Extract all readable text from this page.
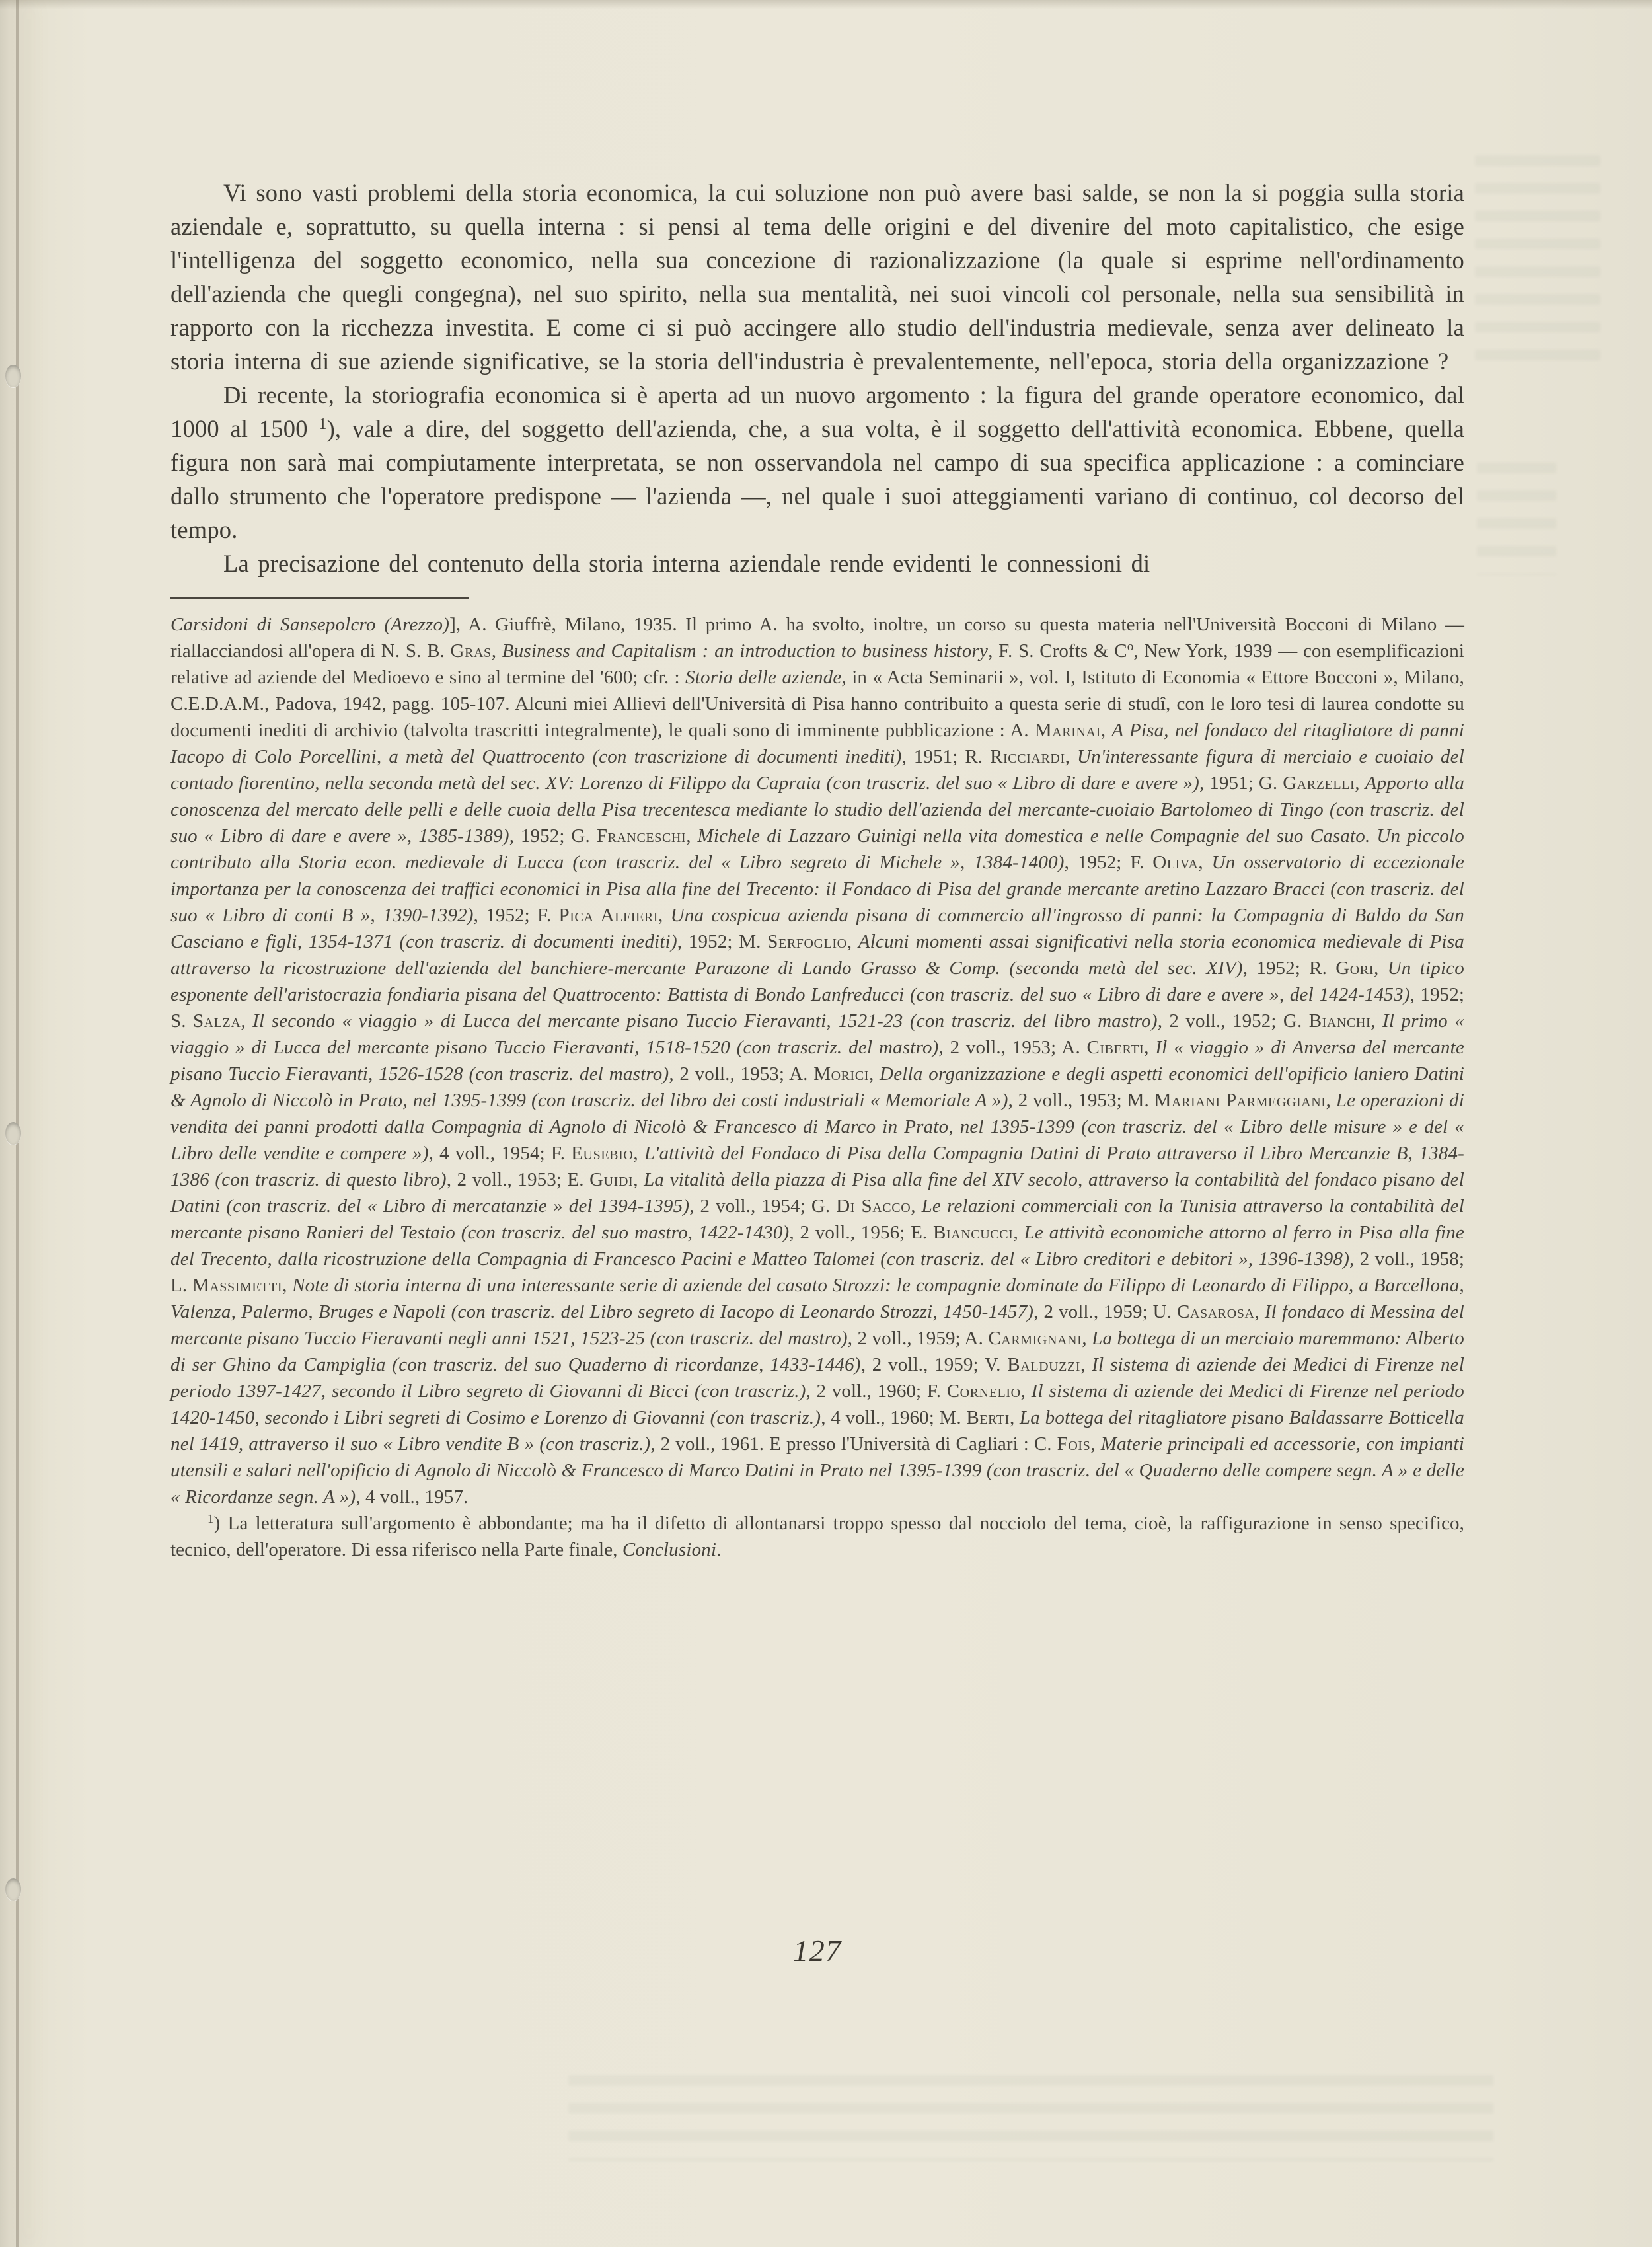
Vi sono vasti problemi della storia economica, la cui soluzione non può avere basi salde, se non la si poggia sulla storia aziendale e, soprattutto, su quella interna : si pensi al tema delle origini e del divenire del moto capitalistico, che esige l'intelligenza del soggetto economico, nella sua concezione di razionalizzazione (la quale si esprime nell'ordinamento dell'azienda che quegli congegna), nel suo spirito, nella sua mentalità, nei suoi vincoli col personale, nella sua sensibilità in rapporto con la ricchezza investita. E come ci si può accingere allo studio dell'industria medievale, senza aver delineato la storia interna di sue aziende significative, se la storia dell'industria è prevalentemente, nell'epoca, storia della organizzazione ?

Di recente, la storiografia economica si è aperta ad un nuovo argomento : la figura del grande operatore economico, dal 1000 al 1500 $^1$), vale a dire, del soggetto dell'azienda, che, a sua volta, è il soggetto dell'attività economica. Ebbene, quella figura non sarà mai compiutamente interpretata, se non osservandola nel campo di sua specifica applicazione : a cominciare dallo strumento che l'operatore predispone — l'azienda —, nel quale i suoi atteggiamenti variano di continuo, col decorso del tempo.

La precisazione del contenuto della storia interna aziendale rende evidenti le connessioni di

Carsidoni di Sansepolcro (Arezzo)], A. Giuffrè, Milano, 1935. Il primo A. ha svolto, inoltre, un corso su questa materia nell'Università Bocconi di Milano — riallacciandosi all'opera di N. S. B. Gras, Business and Capitalism : an introduction to business history, F. S. Crofts & $C^o$, New York, 1939 — con esemplificazioni relative ad aziende del Medioevo e sino al termine del '600; cfr. : Storia delle aziende, in « Acta Seminarii », vol. I, Istituto di Economia « Ettore Bocconi », Milano, C.E.D.A.M., Padova, 1942, pagg. 105-107. Alcuni miei Allievi dell'Università di Pisa hanno contribuito a questa serie di studî, con le loro tesi di laurea condotte su documenti inediti di archivio (talvolta trascritti integralmente), le quali sono di imminente pubblicazione : A. Marinai, A Pisa, nel fondaco del ritagliatore di panni Iacopo di Colo Porcellini, a metà del Quattrocento (con trascrizione di documenti inediti), 1951; R. Ricciardi, Un'interessante figura di merciaio e cuoiaio del contado fiorentino, nella seconda metà del sec. XV: Lorenzo di Filippo da Capraia (con trascriz. del suo « Libro di dare e avere »), 1951; G. Garzelli, Apporto alla conoscenza del mercato delle pelli e delle cuoia della Pisa trecentesca mediante lo studio dell'azienda del mercante-cuoiaio Bartolomeo di Tingo (con trascriz. del suo « Libro di dare e avere », 1385-1389), 1952; G. Franceschi, Michele di Lazzaro Guinigi nella vita domestica e nelle Compagnie del suo Casato. Un piccolo contributo alla Storia econ. medievale di Lucca (con trascriz. del « Libro segreto di Michele », 1384-1400), 1952; F. Oliva, Un osservatorio di eccezionale importanza per la conoscenza dei traffici economici in Pisa alla fine del Trecento: il Fondaco di Pisa del grande mercante aretino Lazzaro Bracci (con trascriz. del suo « Libro di conti B », 1390-1392), 1952; F. Pica Alfieri, Una cospicua azienda pisana di commercio all'ingrosso di panni: la Compagnia di Baldo da San Casciano e figli, 1354-1371 (con trascriz. di documenti inediti), 1952; M. Serfoglio, Alcuni momenti assai significativi nella storia economica medievale di Pisa attraverso la ricostruzione dell'azienda del banchiere-mercante Parazone di Lando Grasso & Comp. (seconda metà del sec. XIV), 1952; R. Gori, Un tipico esponente dell'aristocrazia fondiaria pisana del Quattrocento: Battista di Bondo Lanfreducci (con trascriz. del suo « Libro di dare e avere », del 1424-1453), 1952; S. Salza, Il secondo « viaggio » di Lucca del mercante pisano Tuccio Fieravanti, 1521-23 (con trascriz. del libro mastro), 2 voll., 1952; G. Bianchi, Il primo « viaggio » di Lucca del mercante pisano Tuccio Fieravanti, 1518-1520 (con trascriz. del mastro), 2 voll., 1953; A. Ciberti, Il « viaggio » di Anversa del mercante pisano Tuccio Fieravanti, 1526-1528 (con trascriz. del mastro), 2 voll., 1953; A. Morici, Della organizzazione e degli aspetti economici dell'opificio laniero Datini & Agnolo di Niccolò in Prato, nel 1395-1399 (con trascriz. del libro dei costi industriali « Memoriale A »), 2 voll., 1953; M. Mariani Parmeggiani, Le operazioni di vendita dei panni prodotti dalla Compagnia di Agnolo di Nicolò & Francesco di Marco in Prato, nel 1395-1399 (con trascriz. del « Libro delle misure » e del « Libro delle vendite e compere »), 4 voll., 1954; F. Eusebio, L'attività del Fondaco di Pisa della Compagnia Datini di Prato attraverso il Libro Mercanzie B, 1384-1386 (con trascriz. di questo libro), 2 voll., 1953; E. Guidi, La vitalità della piazza di Pisa alla fine del XIV secolo, attraverso la contabilità del fondaco pisano del Datini (con trascriz. del « Libro di mercatanzie » del 1394-1395), 2 voll., 1954; G. Di Sacco, Le relazioni commerciali con la Tunisia attraverso la contabilità del mercante pisano Ranieri del Testaio (con trascriz. del suo mastro, 1422-1430), 2 voll., 1956; E. Biancucci, Le attività economiche attorno al ferro in Pisa alla fine del Trecento, dalla ricostruzione della Compagnia di Francesco Pacini e Matteo Talomei (con trascriz. del « Libro creditori e debitori », 1396-1398), 2 voll., 1958; L. Massimetti, Note di storia interna di una interessante serie di aziende del casato Strozzi: le compagnie dominate da Filippo di Leonardo di Filippo, a Barcellona, Valenza, Palermo, Bruges e Napoli (con trascriz. del Libro segreto di Iacopo di Leonardo Strozzi, 1450-1457), 2 voll., 1959; U. Casarosa, Il fondaco di Messina del mercante pisano Tuccio Fieravanti negli anni 1521, 1523-25 (con trascriz. del mastro), 2 voll., 1959; A. Carmignani, La bottega di un merciaio maremmano: Alberto di ser Ghino da Campiglia (con trascriz. del suo Quaderno di ricordanze, 1433-1446), 2 voll., 1959; V. Balduzzi, Il sistema di aziende dei Medici di Firenze nel periodo 1397-1427, secondo il Libro segreto di Giovanni di Bicci (con trascriz.), 2 voll., 1960; F. Cornelio, Il sistema di aziende dei Medici di Firenze nel periodo 1420-1450, secondo i Libri segreti di Cosimo e Lorenzo di Giovanni (con trascriz.), 4 voll., 1960; M. Berti, La bottega del ritagliatore pisano Baldassarre Botticella nel 1419, attraverso il suo « Libro vendite B » (con trascriz.), 2 voll., 1961. E presso l'Università di Cagliari : C. Fois, Materie principali ed accessorie, con impianti utensili e salari nell'opificio di Agnolo di Niccolò & Francesco di Marco Datini in Prato nel 1395-1399 (con trascriz. del « Quaderno delle compere segn. A » e delle « Ricordanze segn. A »), 4 voll., 1957.

$^1$) La letteratura sull'argomento è abbondante; ma ha il difetto di allontanarsi troppo spesso dal nocciolo del tema, cioè, la raffigurazione in senso specifico, tecnico, dell'operatore. Di essa riferisco nella Parte finale, Conclusioni.

127
